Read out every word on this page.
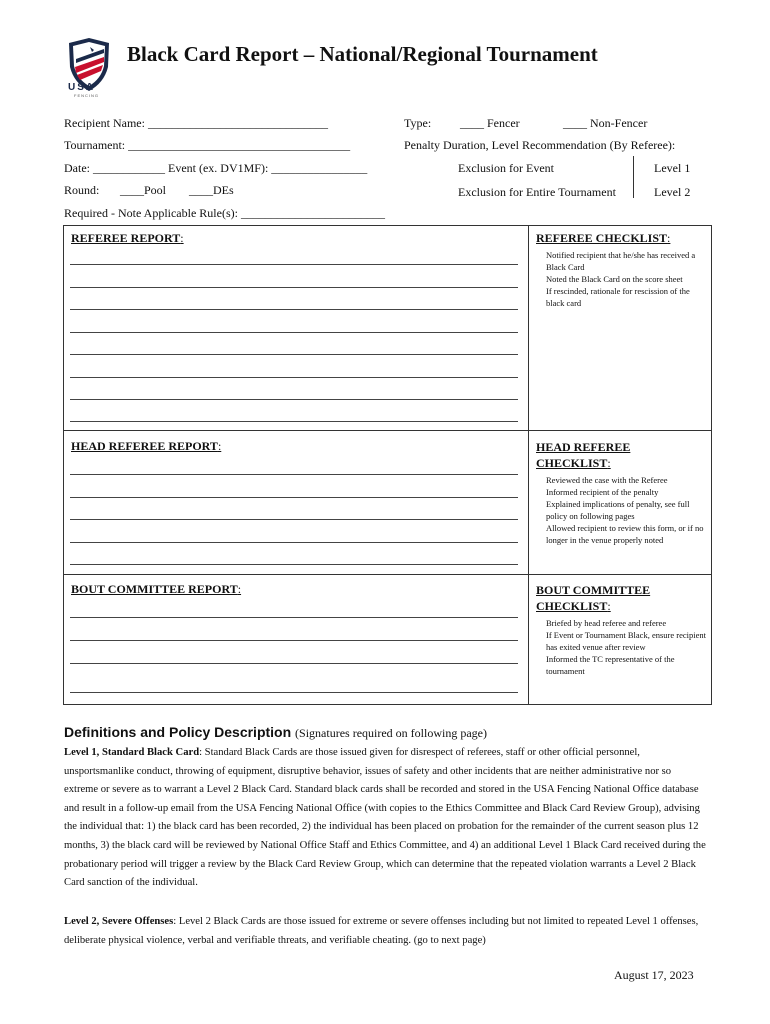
USA
FENCING
Black Card Report – National/Regional Tournament
Recipient Name: ______________________________
Tournament: _____________________________________
Date: ____________ Event (ex. DV1MF): ________________
Round: ____Pool ____DEs
Required - Note Applicable Rule(s): ________________________
Type: ____ Fencer	____ Non-Fencer
Penalty Duration, Level Recommendation (By Referee):
Exclusion for Event	Level 1
Exclusion for Entire Tournament	Level 2
REFEREE REPORT:	REFEREE CHECKLIST:
Notified recipient that he/she has received a Black Card
Noted the Black Card on the score sheet
If rescinded, rationale for rescission of the black card
HEAD REFEREE REPORT:	HEAD REFEREE CHECKLIST:
Reviewed the case with the Referee
Informed recipient of the penalty
Explained implications of penalty, see full policy on following pages
Allowed recipient to review this form, or if no longer in the venue properly noted
BOUT COMMITTEE REPORT:	BOUT COMMITTEE CHECKLIST:
Briefed by head referee and referee
If Event or Tournament Black, ensure recipient has exited venue after review
Informed the TC representative of the tournament
Definitions and Policy Description (Signatures required on following page)
Level 1, Standard Black Card: Standard Black Cards are those issued given for disrespect of referees, staff or other official personnel, unsportsmanlike conduct, throwing of equipment, disruptive behavior, issues of safety and other incidents that are neither administrative nor so extreme or severe as to warrant a Level 2 Black Card. Standard black cards shall be recorded and stored in the USA Fencing National Office database and result in a follow-up email from the USA Fencing National Office (with copies to the Ethics Committee and Black Card Review Group), advising the individual that: 1) the black card has been recorded, 2) the individual has been placed on probation for the remainder of the current season plus 12 months, 3) the black card will be reviewed by National Office Staff and Ethics Committee, and 4) an additional Level 1 Black Card received during the probationary period will trigger a review by the Black Card Review Group, which can determine that the repeated violation warrants a Level 2 Black Card sanction of the individual.
Level 2, Severe Offenses: Level 2 Black Cards are those issued for extreme or severe offenses including but not limited to repeated Level 1 offenses, deliberate physical violence, verbal and verifiable threats, and verifiable cheating. (go to next page)
August 17, 2023
